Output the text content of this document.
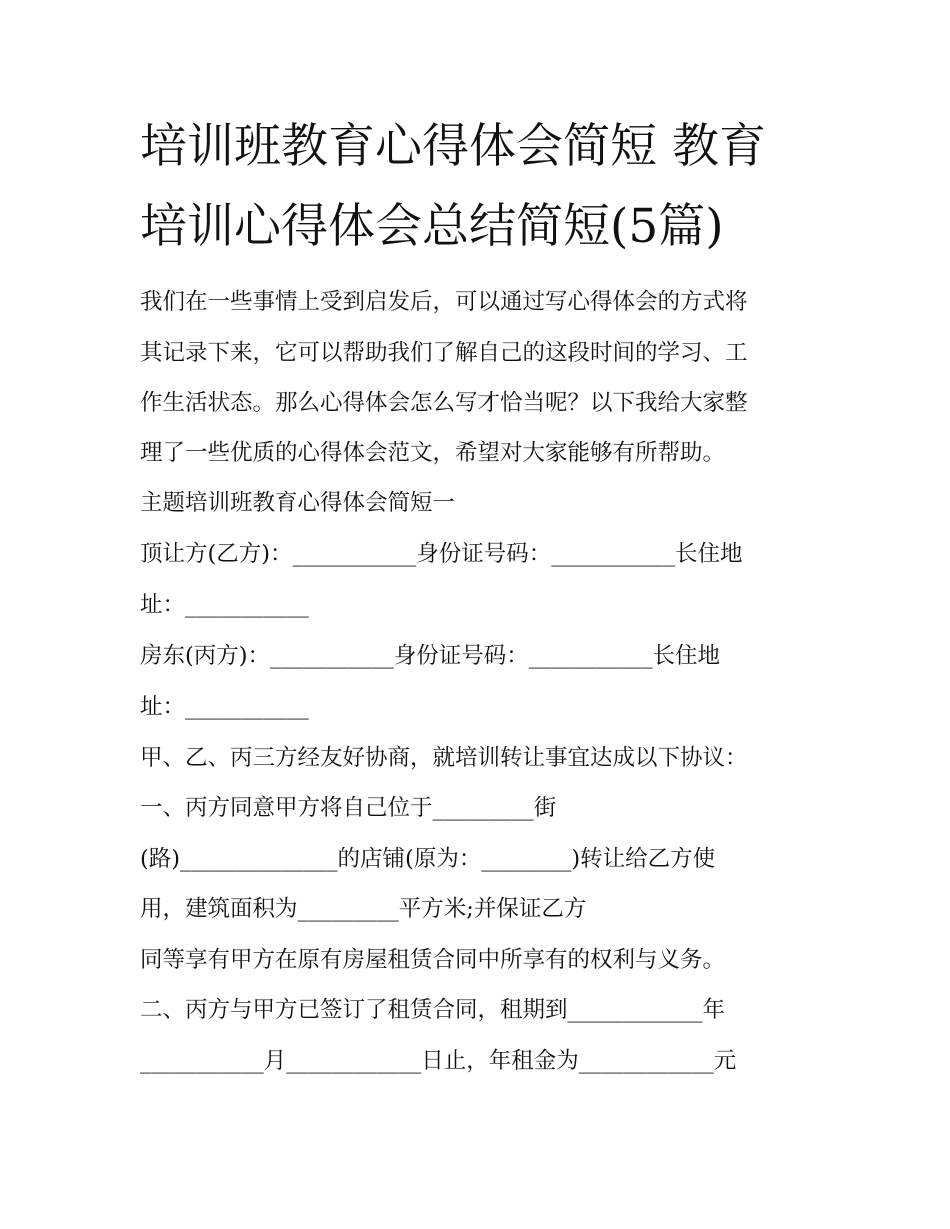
培训班教育心得体会简短 教育
培训心得体会总结简短(5篇)
我们在一些事情上受到启发后，可以通过写心得体会的方式将
其记录下来，它可以帮助我们了解自己的这段时间的学习、工
作生活状态。那么心得体会怎么写才恰当呢？以下我给大家整
理了一些优质的心得体会范文，希望对大家能够有所帮助。
主题培训班教育心得体会简短一
顶让方(乙方)：___________身份证号码：___________长住地
址：___________
房东(丙方)：___________身份证号码：___________长住地
址：___________
甲、乙、丙三方经友好协商，就培训转让事宜达成以下协议：
一、丙方同意甲方将自己位于_________街
(路)______________的店铺(原为：________)转让给乙方使
用，建筑面积为_________平方米;并保证乙方
同等享有甲方在原有房屋租赁合同中所享有的权利与义务。
二、丙方与甲方已签订了租赁合同，租期到____________年
___________月____________日止，年租金为____________元
